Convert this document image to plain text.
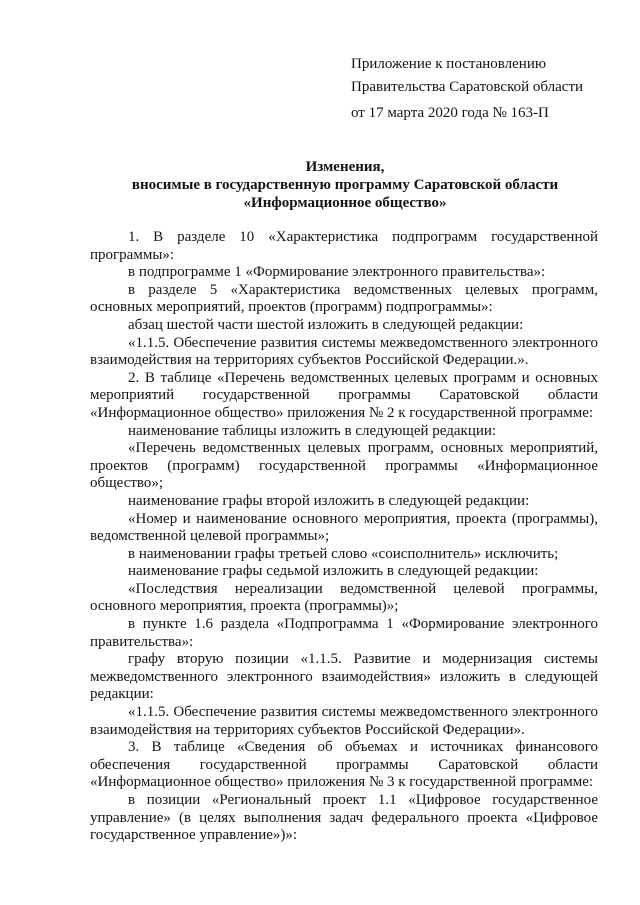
Приложение к постановлению
Правительства Саратовской области
от 17 марта 2020 года № 163-П
Изменения,
вносимые в государственную программу Саратовской области
«Информационное общество»

1. В разделе 10 «Характеристика подпрограмм государственной программы»:

в подпрограмме 1 «Формирование электронного правительства»:

в разделе 5 «Характеристика ведомственных целевых программ, основных мероприятий, проектов (программ) подпрограммы»:

абзац шестой части шестой изложить в следующей редакции:

«1.1.5. Обеспечение развития системы межведомственного электронного взаимодействия на территориях субъектов Российской Федерации.».

2. В таблице «Перечень ведомственных целевых программ и основных мероприятий государственной программы Саратовской области «Информационное общество» приложения № 2 к государственной программе:

наименование таблицы изложить в следующей редакции:

«Перечень ведомственных целевых программ, основных мероприятий, проектов (программ) государственной программы «Информационное общество»;

наименование графы второй изложить в следующей редакции:

«Номер и наименование основного мероприятия, проекта (программы), ведомственной целевой программы»;

в наименовании графы третьей слово «соисполнитель» исключить;

наименование графы седьмой изложить в следующей редакции:

«Последствия нереализации ведомственной целевой программы, основного мероприятия, проекта (программы)»;

в пункте 1.6 раздела «Подпрограмма 1 «Формирование электронного правительства»:

графу вторую позиции «1.1.5. Развитие и модернизация системы межведомственного электронного взаимодействия» изложить в следующей редакции:

«1.1.5. Обеспечение развития системы межведомственного электронного взаимодействия на территориях субъектов Российской Федерации».

3. В таблице «Сведения об объемах и источниках финансового обеспечения государственной программы Саратовской области «Информационное общество» приложения № 3 к государственной программе:

в позиции «Региональный проект 1.1 «Цифровое государственное управление» (в целях выполнения задач федерального проекта «Цифровое государственное управление»)»:
